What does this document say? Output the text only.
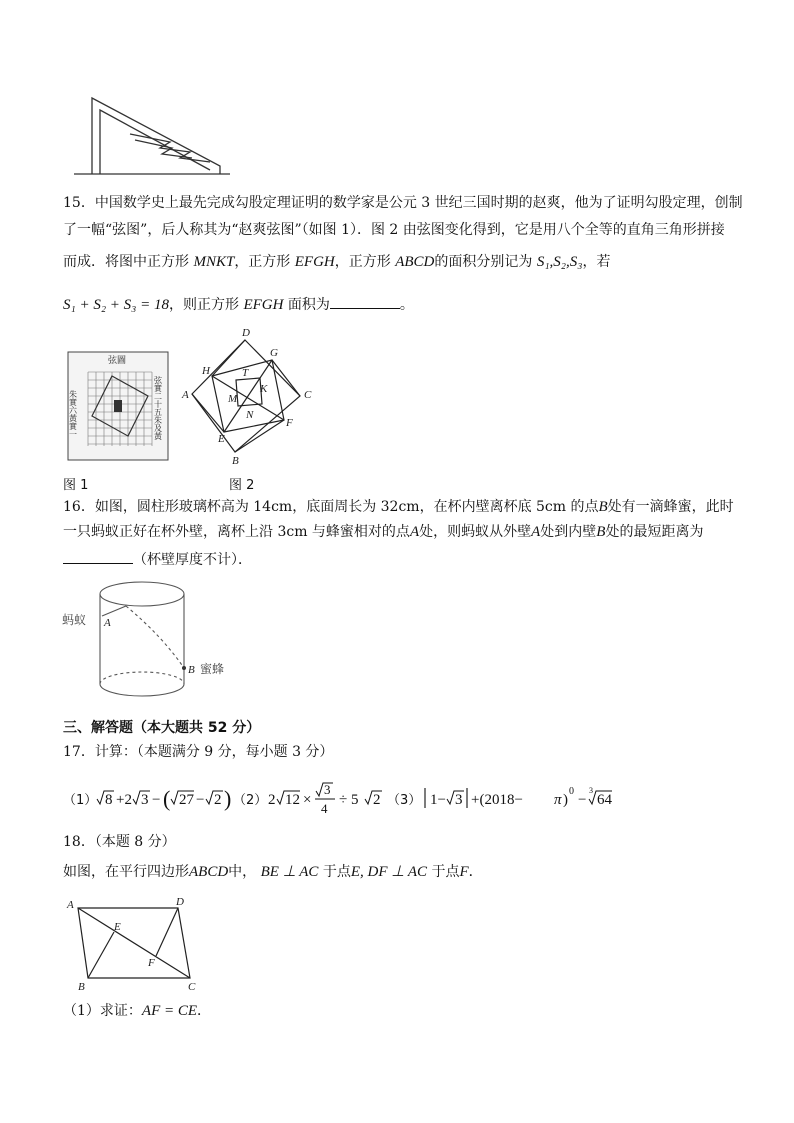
15．中国数学史上最先完成勾股定理证明的数学家是公元 3 世纪三国时期的赵爽，他为了证明勾股定理，创制
了一幅“弦图”，后人称其为“赵爽弦图”（如图 1）．图 2 由弦图变化得到，它是用八个全等的直角三角形拼接
而成．将图中正方形 MNKT，正方形 EFGH，正方形 ABCD的面积分别记为 S₁,S₂,S₃，若
S₁ + S₂ + S₃ = 18，则正方形 EFGH 面积为	。
弦圖
朱實六黃實一	弦實二十五朱及黃
图 1
D
C
B
A
H
G
F
E
T
K
M
N
图 2
16．如图，圆柱形玻璃杯高为 14cm，底面周长为 32cm，在杯内壁离杯底 5cm 的点B处有一滴蜂蜜，此时
一只蚂蚁正好在杯外壁，离杯上沿 3cm 与蜂蜜相对的点A处，则蚂蚁从外壁A处到内壁B处的最短距离为
（杯壁厚度不计）．
蚂蚁 A
B 蜜蜂
三、解答题（本大题共 52 分）
17．计算：（本题满分 9 分，每小题 3 分）
（1） 8 +2 3 − ( 27 − 2 ) （2） 2 12 ×
3
4
÷ 5 2 （3） 1− 3 +(2018− π )
0
−
3
64
18．（本题 8 分）
如图，在平行四边形ABCD中， BE ⊥ AC 于点E, DF ⊥ AC 于点F．
A	D
B	C
E
F
（1）求证：AF = CE．
